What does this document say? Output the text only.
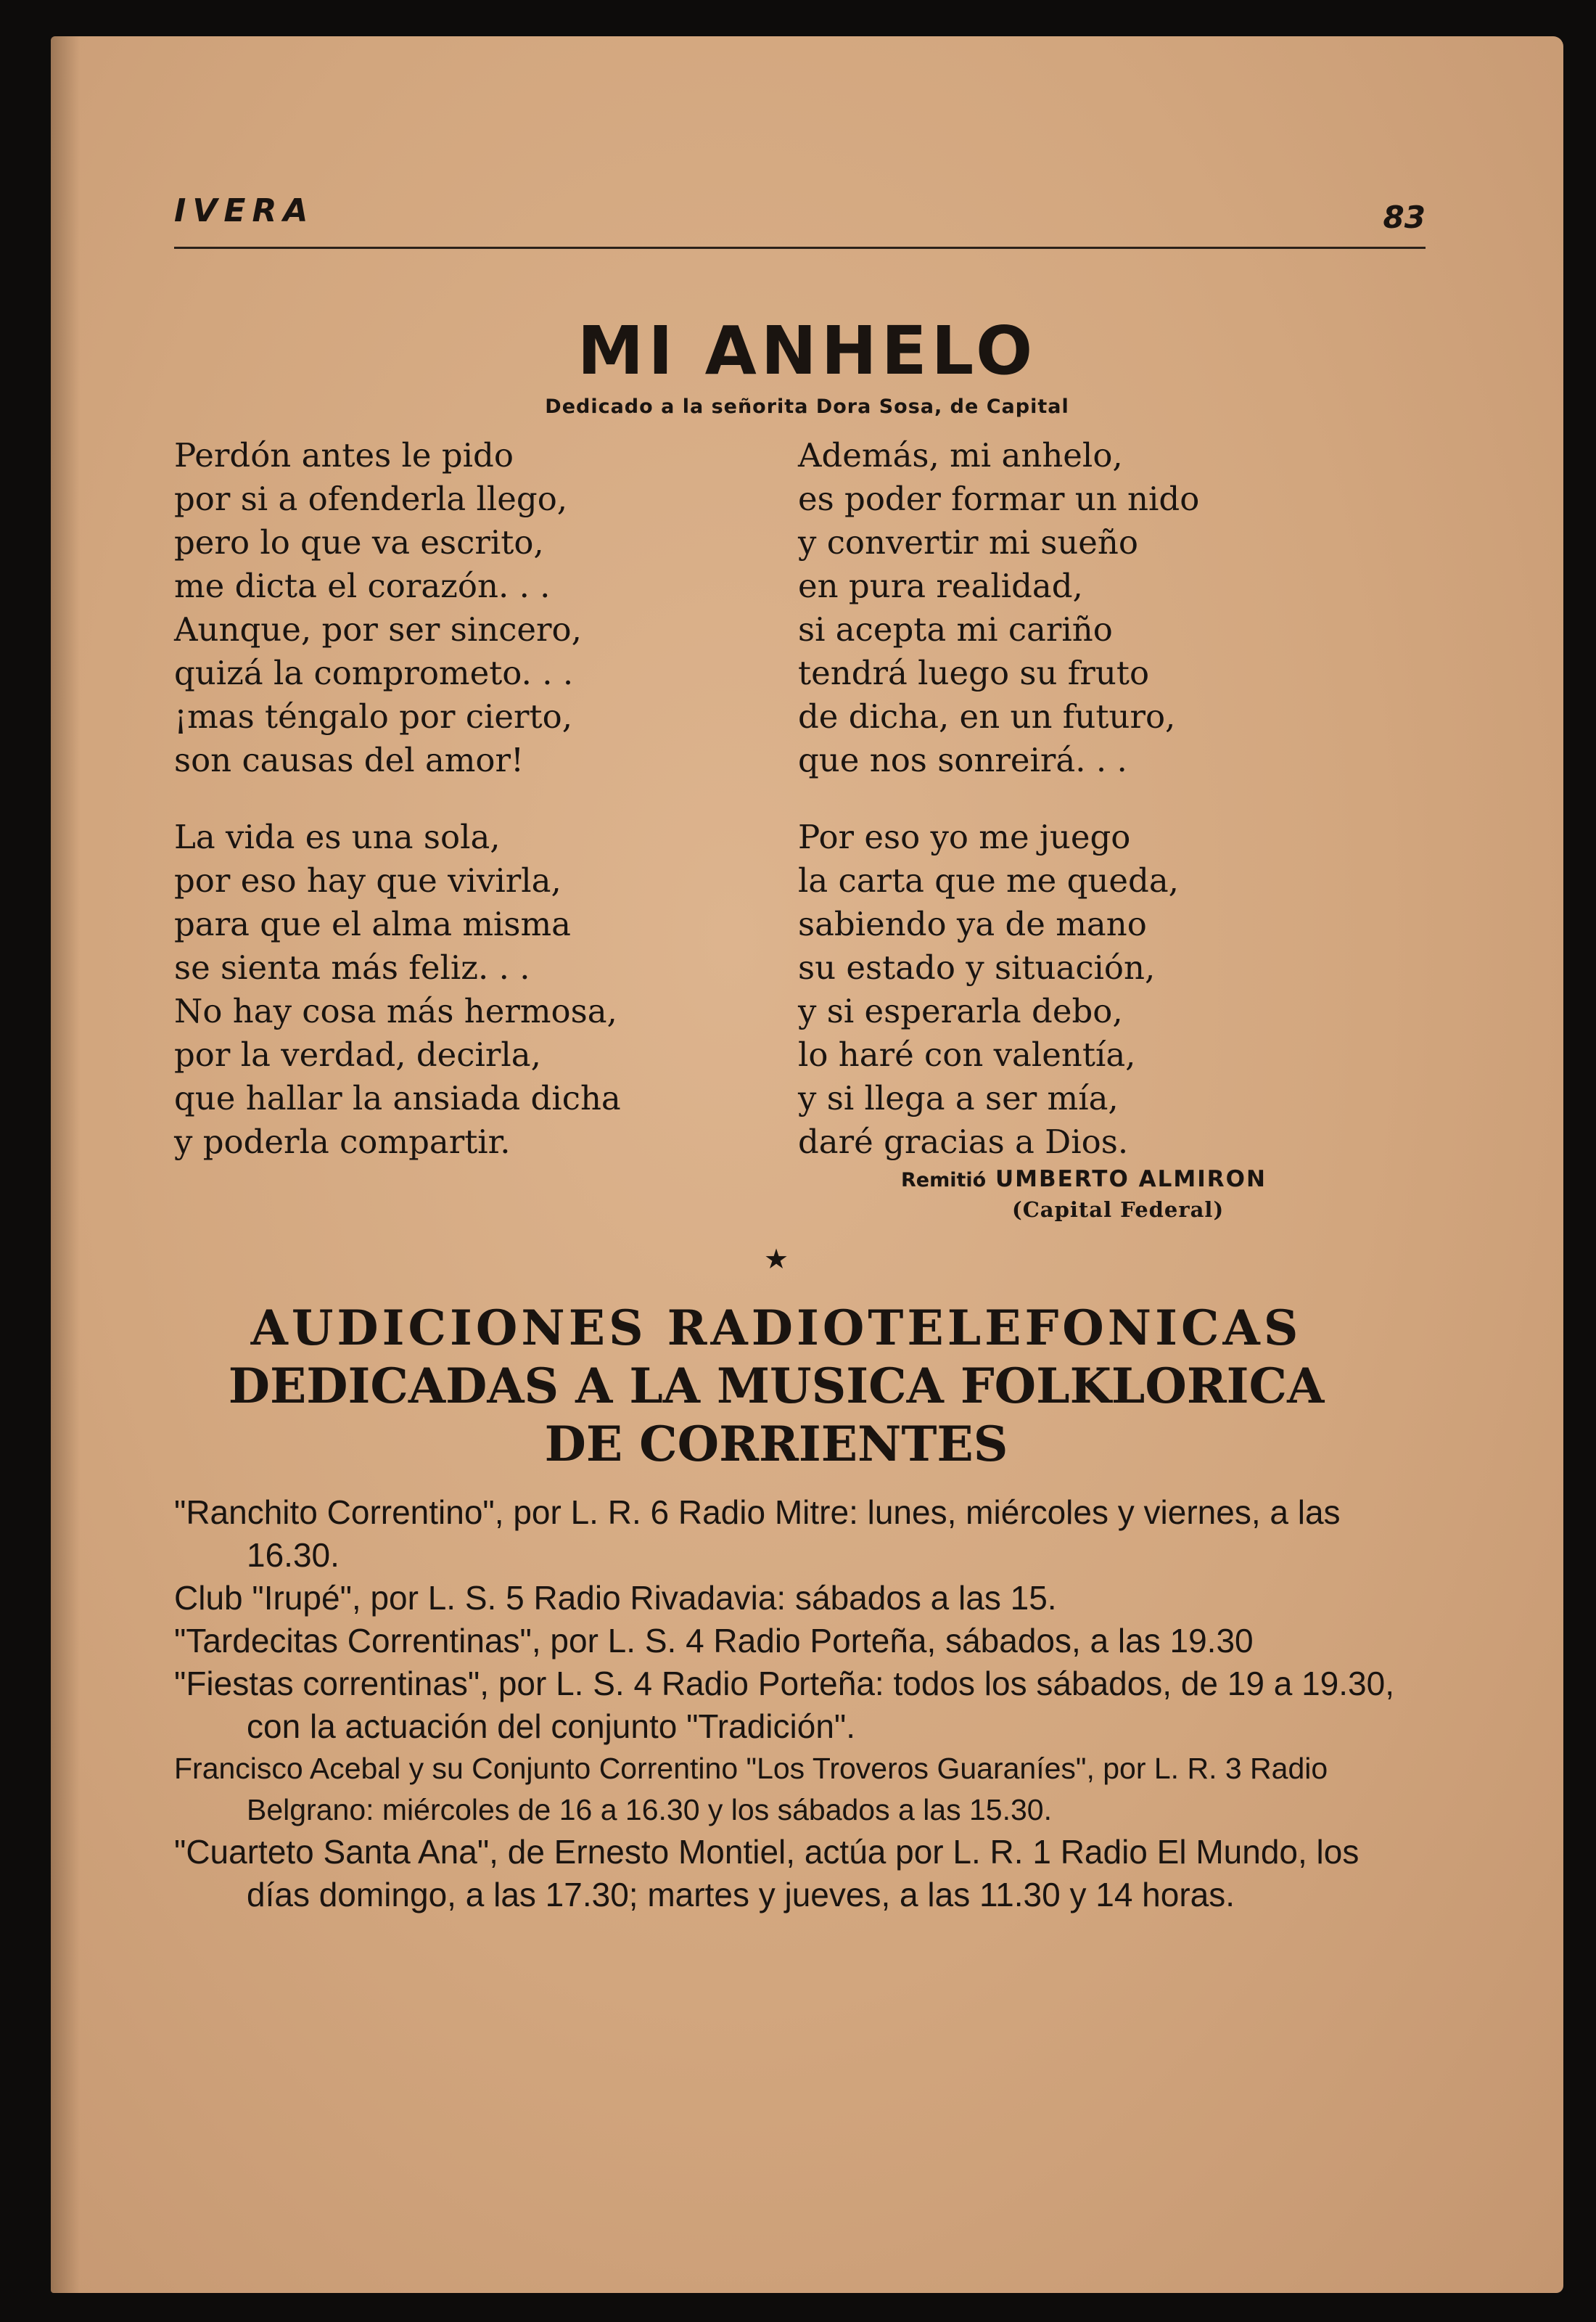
IVERA	83
MI ANHELO
Dedicado a la señorita Dora Sosa, de Capital
Perdón antes le pido
por si a ofenderla llego,
pero lo que va escrito,
me dicta el corazón. . .
Aunque, por ser sincero,
quizá la comprometo. . .
¡mas téngalo por cierto,
son causas del amor!
La vida es una sola,
por eso hay que vivirla,
para que el alma misma
se sienta más feliz. . .
No hay cosa más hermosa,
por la verdad, decirla,
que hallar la ansiada dicha
y poderla compartir.
Además, mi anhelo,
es poder formar un nido
y convertir mi sueño
en pura realidad,
si acepta mi cariño
tendrá luego su fruto
de dicha, en un futuro,
que nos sonreirá. . .
Por eso yo me juego
la carta que me queda,
sabiendo ya de mano
su estado y situación,
y si esperarla debo,
lo haré con valentía,
y si llega a ser mía,
daré gracias a Dios.
Remitió UMBERTO ALMIRON
(Capital Federal)
★
AUDICIONES RADIOTELEFONICAS
DEDICADAS A LA MUSICA FOLKLORICA
DE CORRIENTES

"Ranchito Correntino", por L. R. 6 Radio Mitre: lunes, miércoles y viernes, a las 16.30.

Club "Irupé", por L. S. 5 Radio Rivadavia: sábados a las 15.

"Tardecitas Correntinas", por L. S. 4 Radio Porteña, sábados, a las 19.30

"Fiestas correntinas", por L. S. 4 Radio Porteña: todos los sábados, de 19 a 19.30, con la actuación del conjunto "Tradición".

Francisco Acebal y su Conjunto Correntino "Los Troveros Guaraníes", por L. R. 3 Radio Belgrano: miércoles de 16 a 16.30 y los sábados a las 15.30.

"Cuarteto Santa Ana", de Ernesto Montiel, actúa por L. R. 1 Radio El Mundo, los días domingo, a las 17.30; martes y jueves, a las 11.30 y 14 horas.
